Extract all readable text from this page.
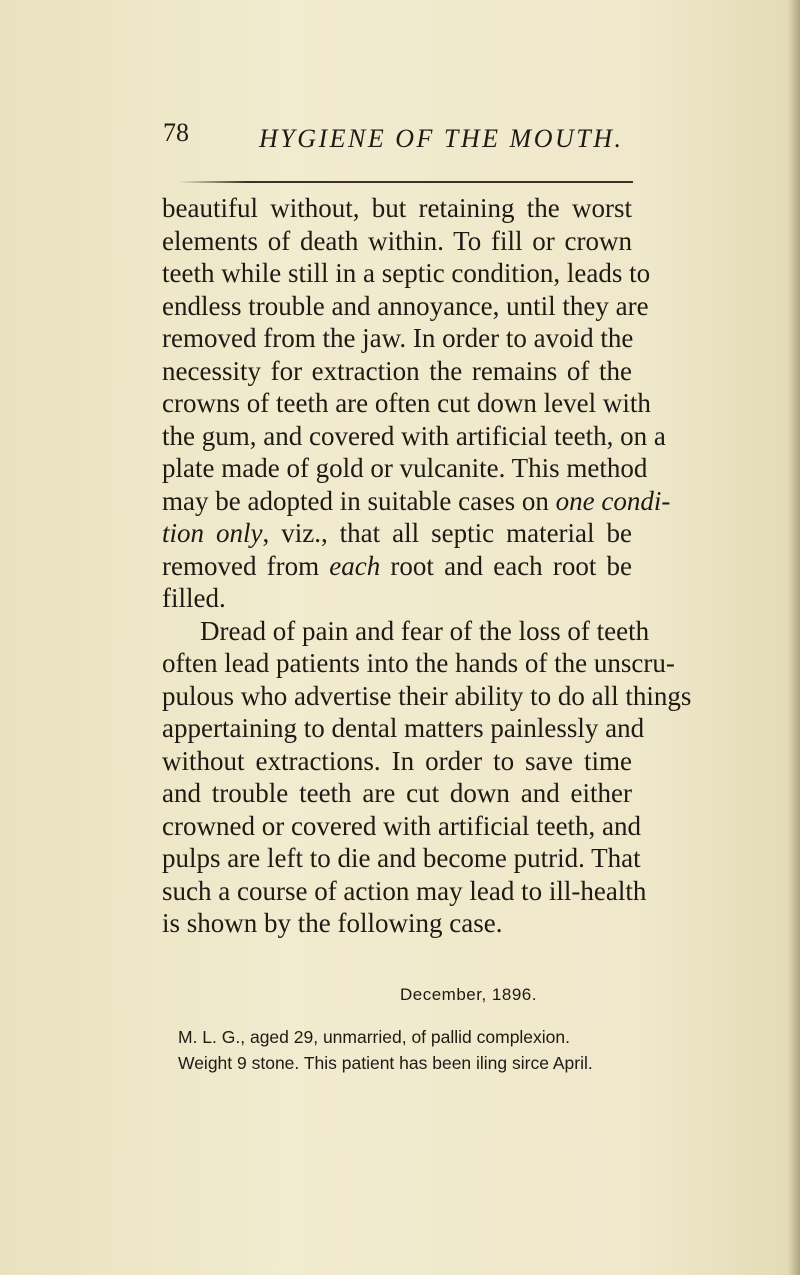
78	HYGIENE OF THE MOUTH.
beautiful without, but retaining the worst
elements of death within. To fill or crown
teeth while still in a septic condition, leads to
endless trouble and annoyance, until they are
removed from the jaw. In order to avoid the
necessity for extraction the remains of the
crowns of teeth are often cut down level with
the gum, and covered with artificial teeth, on a
plate made of gold or vulcanite. This method
may be adopted in suitable cases on one condi-
tion only, viz., that all septic material be
removed from each root and each root be
filled.
Dread of pain and fear of the loss of teeth
often lead patients into the hands of the unscru-
pulous who advertise their ability to do all things
appertaining to dental matters painlessly and
without extractions. In order to save time
and trouble teeth are cut down and either
crowned or covered with artificial teeth, and
pulps are left to die and become putrid. That
such a course of action may lead to ill-health
is shown by the following case.
December, 1896.
M. L. G., aged 29, unmarried, of pallid complexion.
Weight 9 stone. This patient has been iling sirce April.
